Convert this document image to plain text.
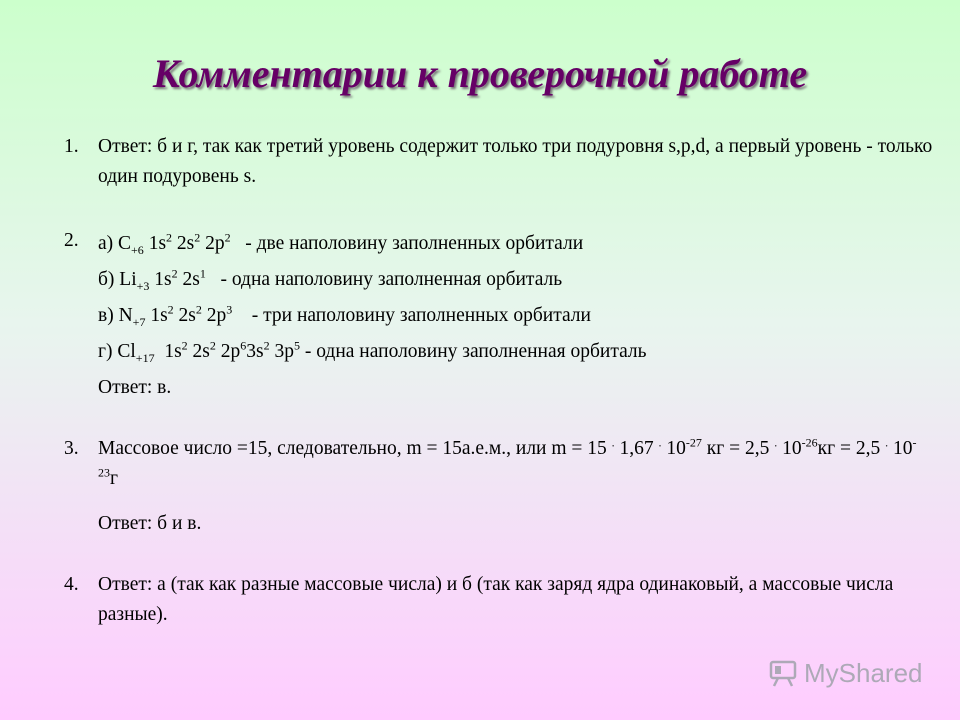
Комментарии к проверочной работе
1. Ответ: б и г, так как третий уровень содержит только три подуровня s,p,d, а первый уровень - только один подуровень s.
2. а) $C_{+6}$ $1s^2$ $2s^2$ $2p^2$   - две наполовину заполненных орбитали
б) $Li_{+3}$ $1s^2$ $2s^1$   - одна наполовину заполненная орбиталь
в) $N_{+7}$ $1s^2$ $2s^2$ $2p^3$    - три наполовину заполненных орбитали
г) $Cl_{+17}$  $1s^2$ $2s^2$ $2p^63s^2$ $3p^5$ - одна наполовину заполненная орбиталь
Ответ: в.
3. Массовое число =15, следовательно, m = 15а.е.м., или m = 15 . 1,67 . $10^{-27}$ кг = 2,5 . $10^{-26}кг = 2,5$ . $10^{-23}г$
Ответ: б и в.
4. Ответ: а (так как разные массовые числа) и б (так как заряд ядра одинаковый, а массовые числа разные).
MyShared
